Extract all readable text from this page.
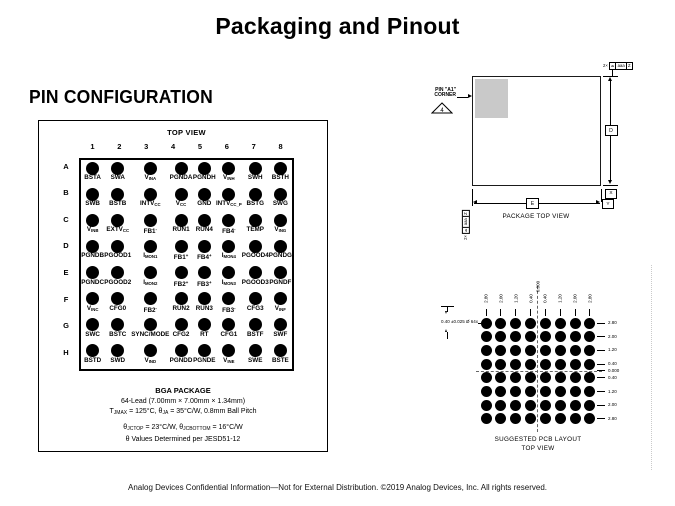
Packaging and Pinout
PIN CONFIGURATION
TOP VIEW
1	2	3	4	5	6	7	8
A
B
C
D
E
F
G
H
BSTA SWA	$V_{INA}$ PGNDA PGNDH $V_{INH}$ SWH BSTH
SWB BSTB $INTV_{CC}$ $V_{CC}$ GND $INTV_{CC\_P}$ BSTG SWG
$V_{INB}$ $EXTV_{CC}$ FB1- RUN1 RUN4 FB4- TEMP $V_{ING}$
PGNDB PGOOD1 $I_{MON1}$	FB1+ FB4+ $I_{MON4}$ PGOOD4 PGNDG
PGNDC PGOOD2 $I_{MON2}$	FB2+ FB3+ $I_{MON3}$ PGOOD3 PGNDF
$V_{INC}$ CFG0	FB2- RUN2 RUN3 FB3- CFG3 $V_{INF}$
SWC BSTC SYNC/MODE CFG2 RT CFG1 BSTF SWF
BSTD SWD	$V_{IND}$ PGNDD PGNDE $V_{INE}$ SWE BSTE
BGA PACKAGE
64-Lead (7.00mm × 7.00mm × 1.34mm)
$T_{JMAX} = 125^\circ C$, $\theta_{JA} = 35^\circ C/W$, 0.8mm Ball Pitch
$\theta_{JCTOP} = 23^\circ C/W$, $\theta_{JCBOTTOM} = 16^\circ C/W$
θ Values Determined per JESD51-12
PIN "A1"
CORNER
4
2× ⌓ aaa Z
D
X
Y
E
2×
⌓
aaa
Z	PACKAGE TOP VIEW
0.40 ±0.025 Ø 64x
SUGGESTED PCB LAYOUT
TOP VIEW
2.80 2.00 1.20 0.40
0.000
0.40 1.20 2.00 2.80
2.80
2.00
1.20
0.40
0.000
0.40
1.20
2.00
2.80
Analog Devices Confidential Information—Not for External Distribution. ©2019 Analog Devices, Inc. All rights reserved.
